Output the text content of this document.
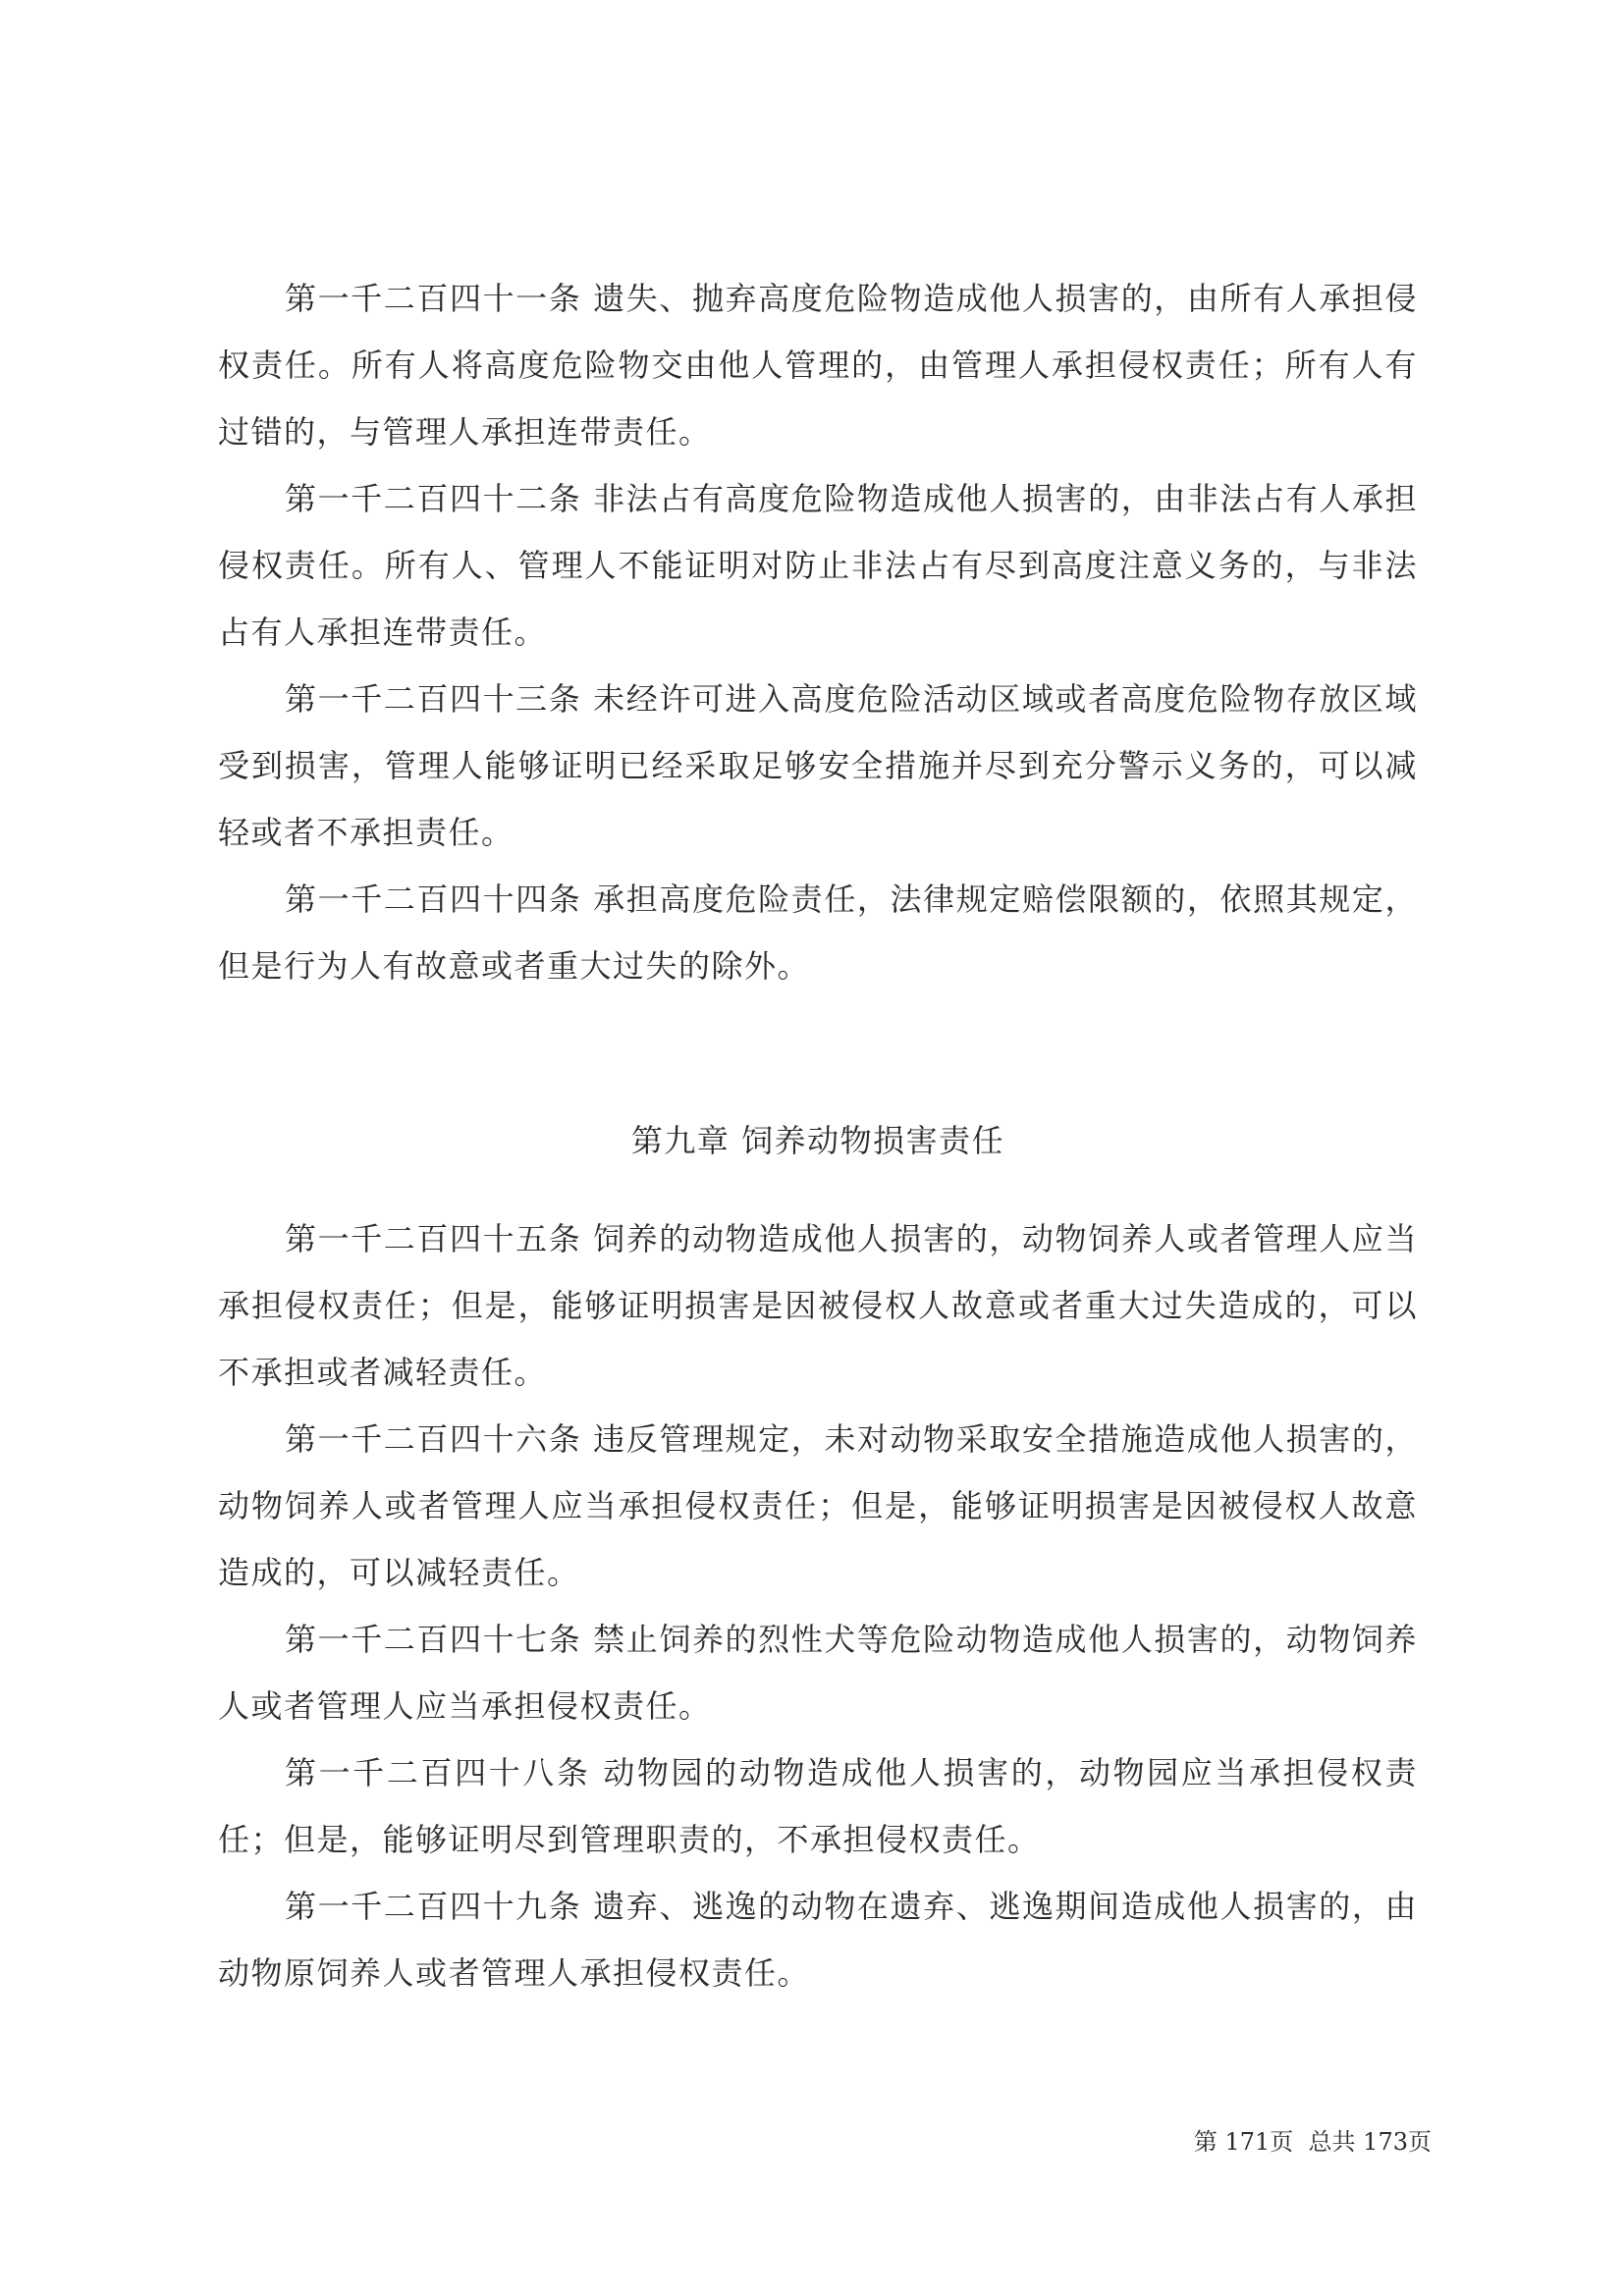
第一千二百四十一条 遗失、抛弃高度危险物造成他人损害的，由所有人承担侵权责任。所有人将高度危险物交由他人管理的，由管理人承担侵权责任；所有人有过错的，与管理人承担连带责任。

第一千二百四十二条 非法占有高度危险物造成他人损害的，由非法占有人承担侵权责任。所有人、管理人不能证明对防止非法占有尽到高度注意义务的，与非法占有人承担连带责任。

第一千二百四十三条 未经许可进入高度危险活动区域或者高度危险物存放区域受到损害，管理人能够证明已经采取足够安全措施并尽到充分警示义务的，可以减轻或者不承担责任。

第一千二百四十四条 承担高度危险责任，法律规定赔偿限额的，依照其规定，但是行为人有故意或者重大过失的除外。

第九章 饲养动物损害责任

第一千二百四十五条 饲养的动物造成他人损害的，动物饲养人或者管理人应当承担侵权责任；但是，能够证明损害是因被侵权人故意或者重大过失造成的，可以不承担或者减轻责任。

第一千二百四十六条 违反管理规定，未对动物采取安全措施造成他人损害的，动物饲养人或者管理人应当承担侵权责任；但是，能够证明损害是因被侵权人故意造成的，可以减轻责任。

第一千二百四十七条 禁止饲养的烈性犬等危险动物造成他人损害的，动物饲养人或者管理人应当承担侵权责任。

第一千二百四十八条 动物园的动物造成他人损害的，动物园应当承担侵权责任；但是，能够证明尽到管理职责的，不承担侵权责任。

第一千二百四十九条 遗弃、逃逸的动物在遗弃、逃逸期间造成他人损害的，由动物原饲养人或者管理人承担侵权责任。

第 171页  总共 173页
